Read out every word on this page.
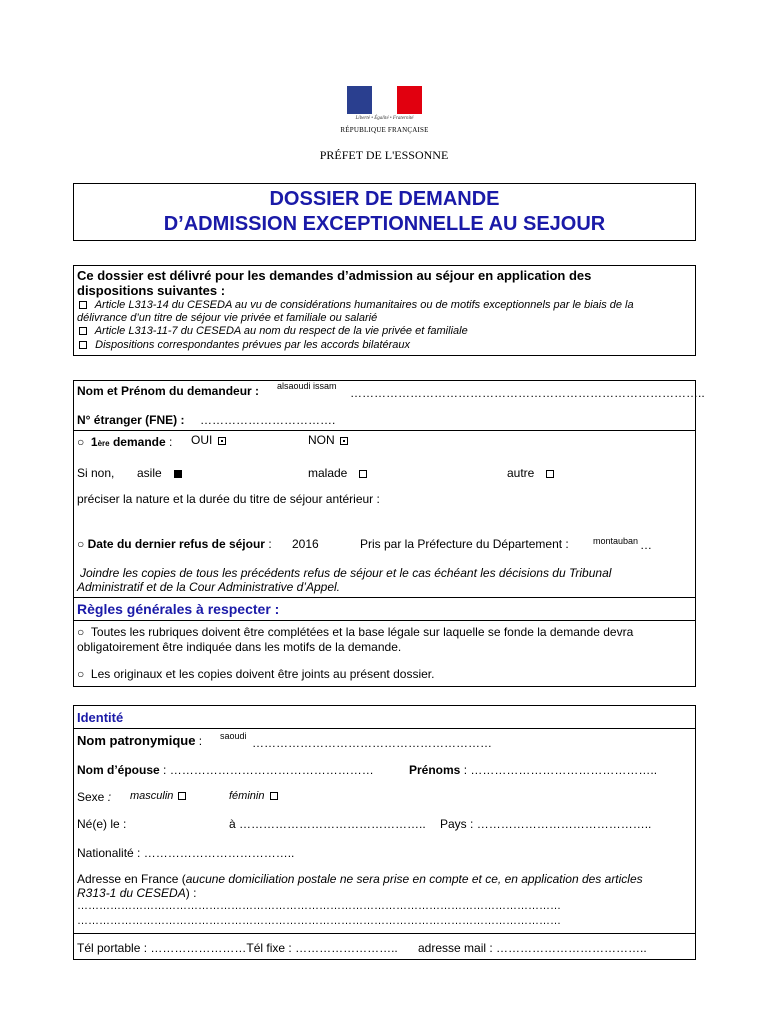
Liberté • Égalité • Fraternité
RÉPUBLIQUE FRANÇAISE
PRÉFET DE L'ESSONNE
DOSSIER DE DEMANDE
D’ADMISSION EXCEPTIONNELLE AU SEJOUR
Ce dossier est délivré pour les demandes d’admission au séjour en application des
dispositions suivantes :
Article L313-14 du CESEDA au vu de considérations humanitaires ou de motifs exceptionnels par le biais de la
délivrance d’un titre de séjour vie privée et familiale ou salarié
Article L313-11-7 du CESEDA au nom du respect de la vie privée et familiale
Dispositions correspondantes prévues par les accords bilatéraux
Nom et Prénom du demandeur : alsaoudi issam ……………………………………………………………………………..
N° étranger (FNE) : …………………………….
○ 1ère demande : OUI	NON
Si non, asile	malade	autre
préciser la nature et la durée du titre de séjour antérieur :
○ Date du dernier refus de séjour : 2016	Pris par la Préfecture du Département :	montauban …
Joindre les copies de tous les précédents refus de séjour et le cas échéant les décisions du Tribunal
Administratif et de la Cour Administrative d’Appel.
Règles générales à respecter :
○ Toutes les rubriques doivent être complétées et la base légale sur laquelle se fonde la demande devra
obligatoirement être indiquée dans les motifs de la demande.
○ Les originaux et les copies doivent être joints au présent dossier.
Identité
Nom patronymique : saoudi ……………………………………………………
Nom d’épouse : ……………………………………………	Prénoms : ………………………………………..
Sexe : masculin	féminin
Né(e) le :	à ……………………………………….. Pays : ……………………………………..
Nationalité : ………………………………..
Adresse en France (aucune domiciliation postale ne sera prise en compte et ce, en application des articles
R313-1 du CESEDA) :
……………………………………………………………………………………………………………………
……………………………………………………………………………………………………………………
Tél portable : ……………………Tél fixe : …………………….. adresse mail : ………………………………..
